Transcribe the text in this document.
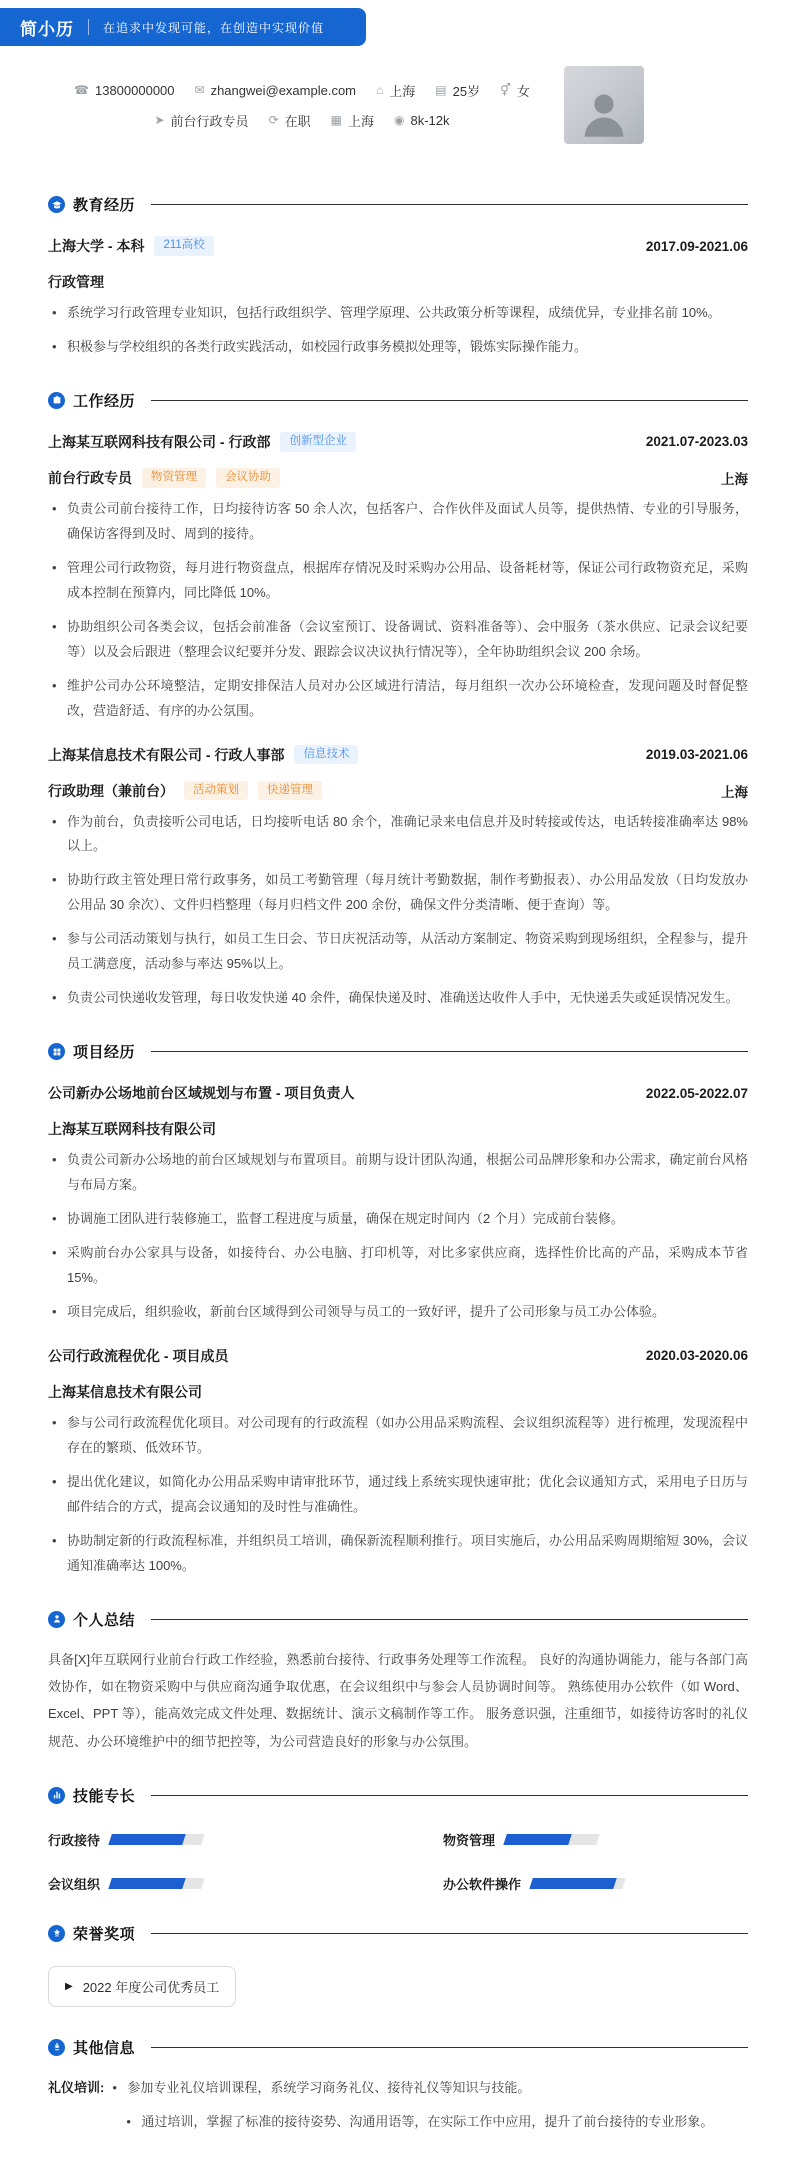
简小历 在追求中发现可能，在创造中实现价值
☎ 13800000000 ✉ zhangwei@example.com ⌂ 上海 ▤ 25岁 ⚥ 女
➤ 前台行政专员 ⟳ 在职 ▦ 上海 ◉ 8k-12k
教育经历
上海大学 - 本科	211高校	2017.09-2021.06
行政管理
• 系统学习行政管理专业知识，包括行政组织学、管理学原理、公共政策分析等课程，成绩优异，专业排名前 10%。
• 积极参与学校组织的各类行政实践活动，如校园行政事务模拟处理等，锻炼实际操作能力。
工作经历
上海某互联网科技有限公司 - 行政部	创新型企业	2021.07-2023.03
前台行政专员	物资管理	会议协助	上海
• 负责公司前台接待工作，日均接待访客 50 余人次，包括客户、合作伙伴及面试人员等，提供热情、专业的引导服务，确保访客得到及时、周到的接待。
• 管理公司行政物资，每月进行物资盘点，根据库存情况及时采购办公用品、设备耗材等，保证公司行政物资充足，采购成本控制在预算内，同比降低 10%。
• 协助组织公司各类会议，包括会前准备（会议室预订、设备调试、资料准备等）、会中服务（茶水供应、记录会议纪要等）以及会后跟进（整理会议纪要并分发、跟踪会议决议执行情况等），全年协助组织会议 200 余场。
• 维护公司办公环境整洁，定期安排保洁人员对办公区域进行清洁，每月组织一次办公环境检查，发现问题及时督促整改，营造舒适、有序的办公氛围。
上海某信息技术有限公司 - 行政人事部	信息技术	2019.03-2021.06
行政助理（兼前台）	活动策划	快递管理	上海
• 作为前台，负责接听公司电话，日均接听电话 80 余个，准确记录来电信息并及时转接或传达，电话转接准确率达 98%以上。
• 协助行政主管处理日常行政事务，如员工考勤管理（每月统计考勤数据，制作考勤报表）、办公用品发放（日均发放办公用品 30 余次）、文件归档整理（每月归档文件 200 余份，确保文件分类清晰、便于查询）等。
• 参与公司活动策划与执行，如员工生日会、节日庆祝活动等，从活动方案制定、物资采购到现场组织，全程参与，提升员工满意度，活动参与率达 95%以上。
• 负责公司快递收发管理，每日收发快递 40 余件，确保快递及时、准确送达收件人手中，无快递丢失或延误情况发生。
项目经历
公司新办公场地前台区域规划与布置 - 项目负责人	2022.05-2022.07
上海某互联网科技有限公司
• 负责公司新办公场地的前台区域规划与布置项目。前期与设计团队沟通，根据公司品牌形象和办公需求，确定前台风格与布局方案。
• 协调施工团队进行装修施工，监督工程进度与质量，确保在规定时间内（2 个月）完成前台装修。
• 采购前台办公家具与设备，如接待台、办公电脑、打印机等，对比多家供应商，选择性价比高的产品，采购成本节省 15%。
• 项目完成后，组织验收，新前台区域得到公司领导与员工的一致好评，提升了公司形象与员工办公体验。
公司行政流程优化 - 项目成员	2020.03-2020.06
上海某信息技术有限公司
• 参与公司行政流程优化项目。对公司现有的行政流程（如办公用品采购流程、会议组织流程等）进行梳理，发现流程中存在的繁琐、低效环节。
• 提出优化建议，如简化办公用品采购申请审批环节，通过线上系统实现快速审批；优化会议通知方式，采用电子日历与邮件结合的方式，提高会议通知的及时性与准确性。
• 协助制定新的行政流程标准，并组织员工培训，确保新流程顺利推行。项目实施后，办公用品采购周期缩短 30%，会议通知准确率达 100%。
个人总结

具备[X]年互联网行业前台行政工作经验，熟悉前台接待、行政事务处理等工作流程。 良好的沟通协调能力，能与各部门高效协作，如在物资采购中与供应商沟通争取优惠，在会议组织中与参会人员协调时间等。 熟练使用办公软件（如 Word、Excel、PPT 等），能高效完成文件处理、数据统计、演示文稿制作等工作。 服务意识强，注重细节，如接待访客时的礼仪规范、办公环境维护中的细节把控等，为公司营造良好的形象与办公氛围。

技能专长
行政接待	物资管理
会议组织	办公软件操作
荣誉奖项
▶ 2022 年度公司优秀员工
其他信息
礼仪培训:	• 参加专业礼仪培训课程，系统学习商务礼仪、接待礼仪等知识与技能。
• 通过培训，掌握了标准的接待姿势、沟通用语等，在实际工作中应用，提升了前台接待的专业形象。
